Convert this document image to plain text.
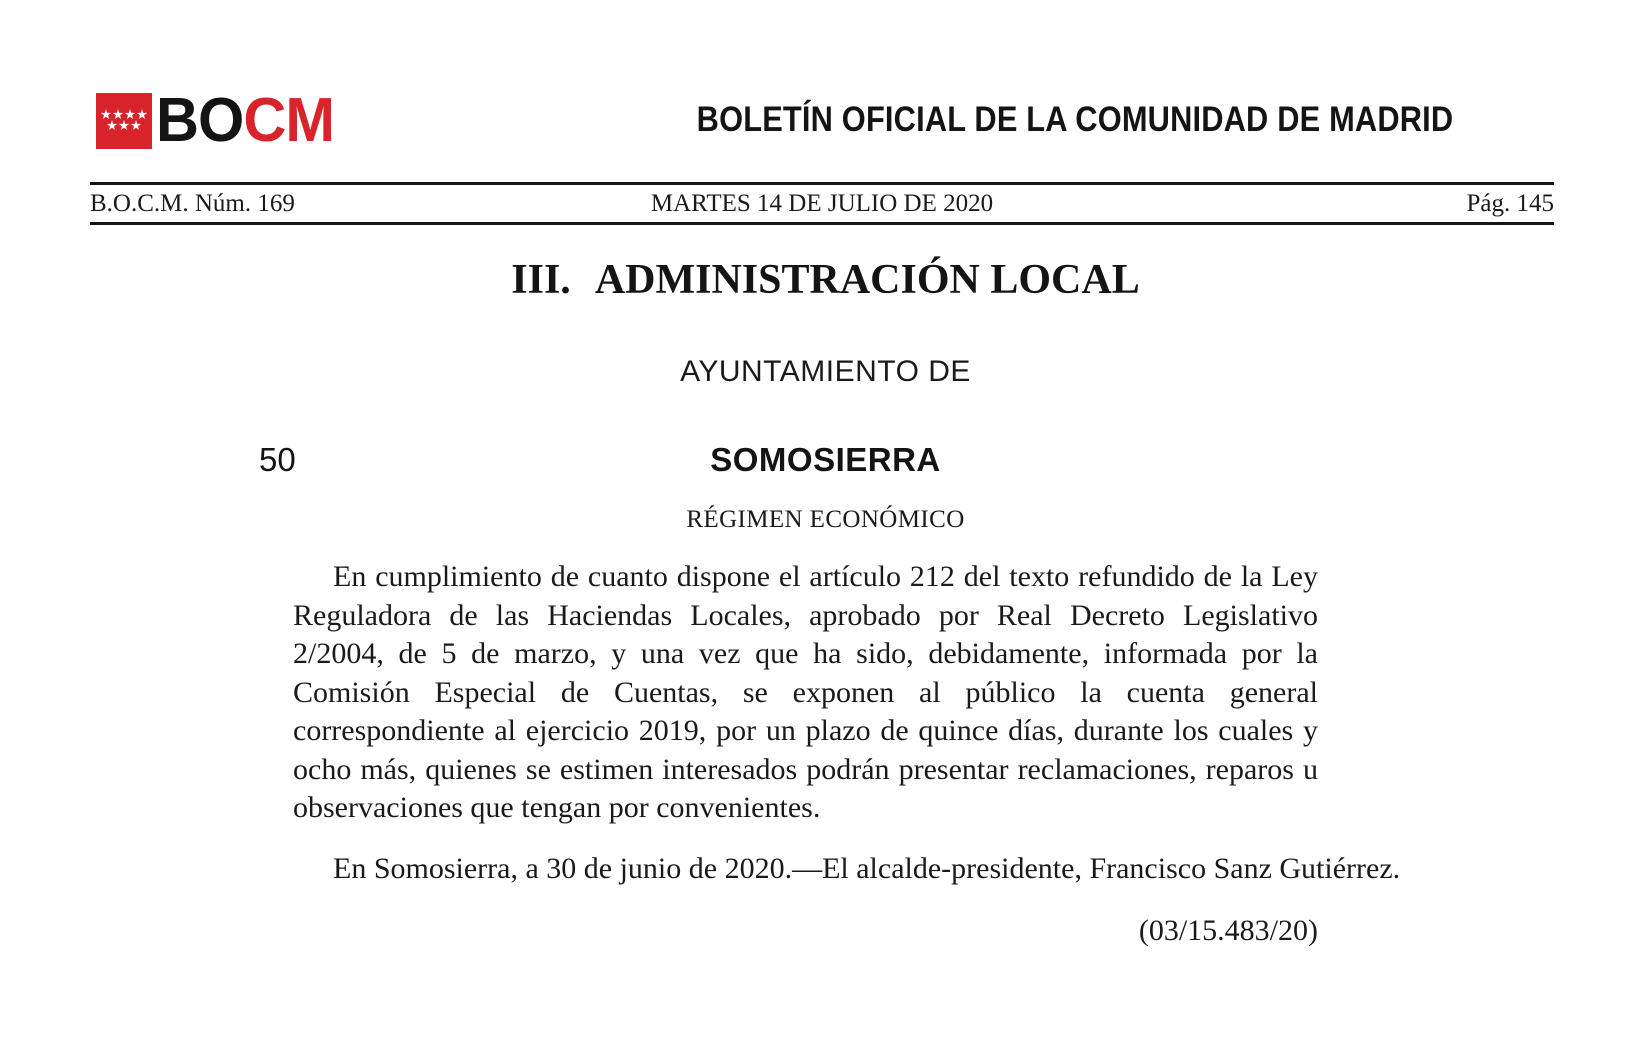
BOCM	BOLETÍN OFICIAL DE LA COMUNIDAD DE MADRID
B.O.C.M. Núm. 169	MARTES 14 DE JULIO DE 2020	Pág. 145
III. ADMINISTRACIÓN LOCAL
AYUNTAMIENTO DE
50	SOMOSIERRA
RÉGIMEN ECONÓMICO

En cumplimiento de cuanto dispone el artículo 212 del texto refundido de la Ley Reguladora de las Haciendas Locales, aprobado por Real Decreto Legislativo 2/2004, de 5 de marzo, y una vez que ha sido, debidamente, informada por la Comisión Especial de Cuentas, se exponen al público la cuenta general correspondiente al ejercicio 2019, por un plazo de quince días, durante los cuales y ocho más, quienes se estimen interesados podrán presentar reclamaciones, reparos u observaciones que tengan por convenientes.

En Somosierra, a 30 de junio de 2020.—El alcalde-presidente, Francisco Sanz Gutiérrez.

(03/15.483/20)
